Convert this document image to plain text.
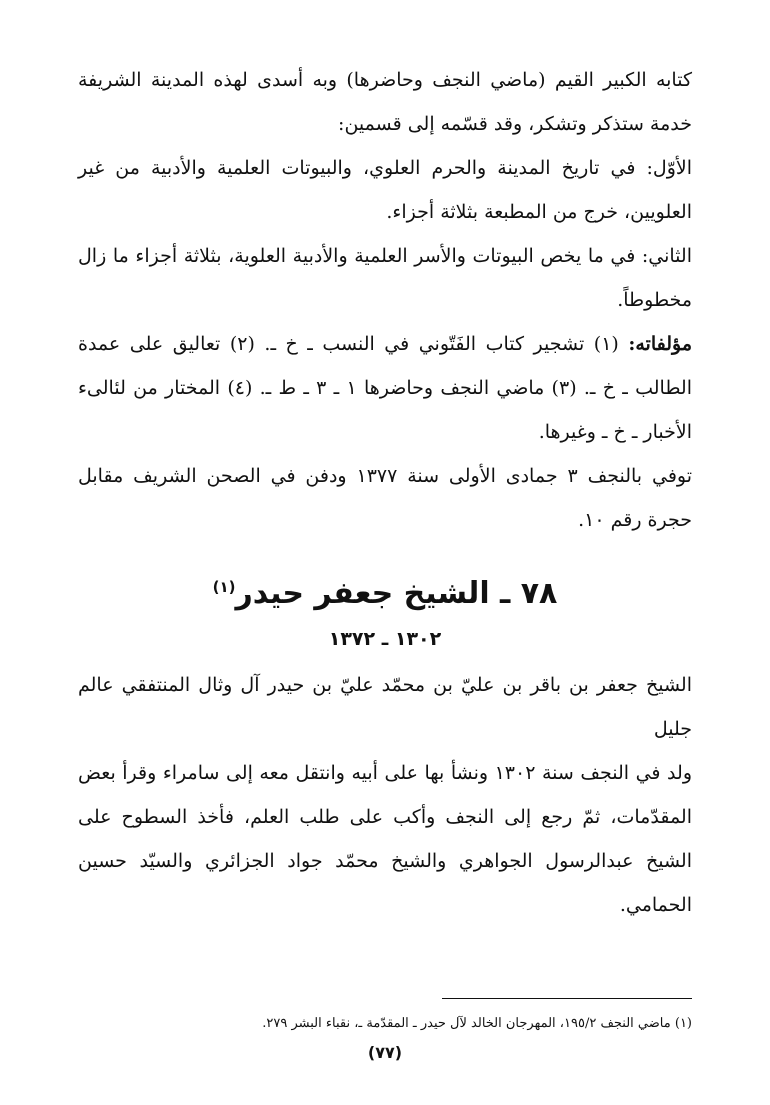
كتابه الكبير القيم (ماضي النجف وحاضرها) وبه أسدى لهذه المدينة الشريفة خدمة ستذكر وتشكر، وقد قسّمه إلى قسمين:

الأوّل: في تاريخ المدينة والحرم العلوي، والبيوتات العلمية والأدبية من غير العلويين، خرج من المطبعة بثلاثة أجزاء.

الثاني: في ما يخص البيوتات والأسر العلمية والأدبية العلوية، بثلاثة أجزاء ما زال مخطوطاً.

مؤلفاته: (١) تشجير كتاب الفَتّوني في النسب ـ خ ـ. (٢) تعاليق على عمدة الطالب ـ خ ـ. (٣) ماضي النجف وحاضرها ١ ـ ٣ ـ ط ـ. (٤) المختار من لئالىء الأخبار ـ خ ـ وغيرها.

توفي بالنجف ٣ جمادى الأولى سنة ١٣٧٧ ودفن في الصحن الشريف مقابل حجرة رقم ١٠.

٧٨ ـ الشيخ جعفر حيدر$^{(١)}$
١٣٠٢ ـ ١٣٧٢

الشيخ جعفر بن باقر بن عليّ بن محمّد عليّ بن حيدر آل وثال المنتفقي عالم جليل

ولد في النجف سنة ١٣٠٢ ونشأ بها على أبيه وانتقل معه إلى سامراء وقرأ بعض المقدّمات، ثمّ رجع إلى النجف وأكب على طلب العلم، فأخذ السطوح على الشيخ عبدالرسول الجواهري والشيخ محمّد جواد الجزائري والسيّد حسين الحمامي.

(١) ماضي النجف ١٩٥/٢، المهرجان الخالد لآل حيدر ـ المقدّمة ـ، نقباء البشر ٢٧٩.
(٧٧)
